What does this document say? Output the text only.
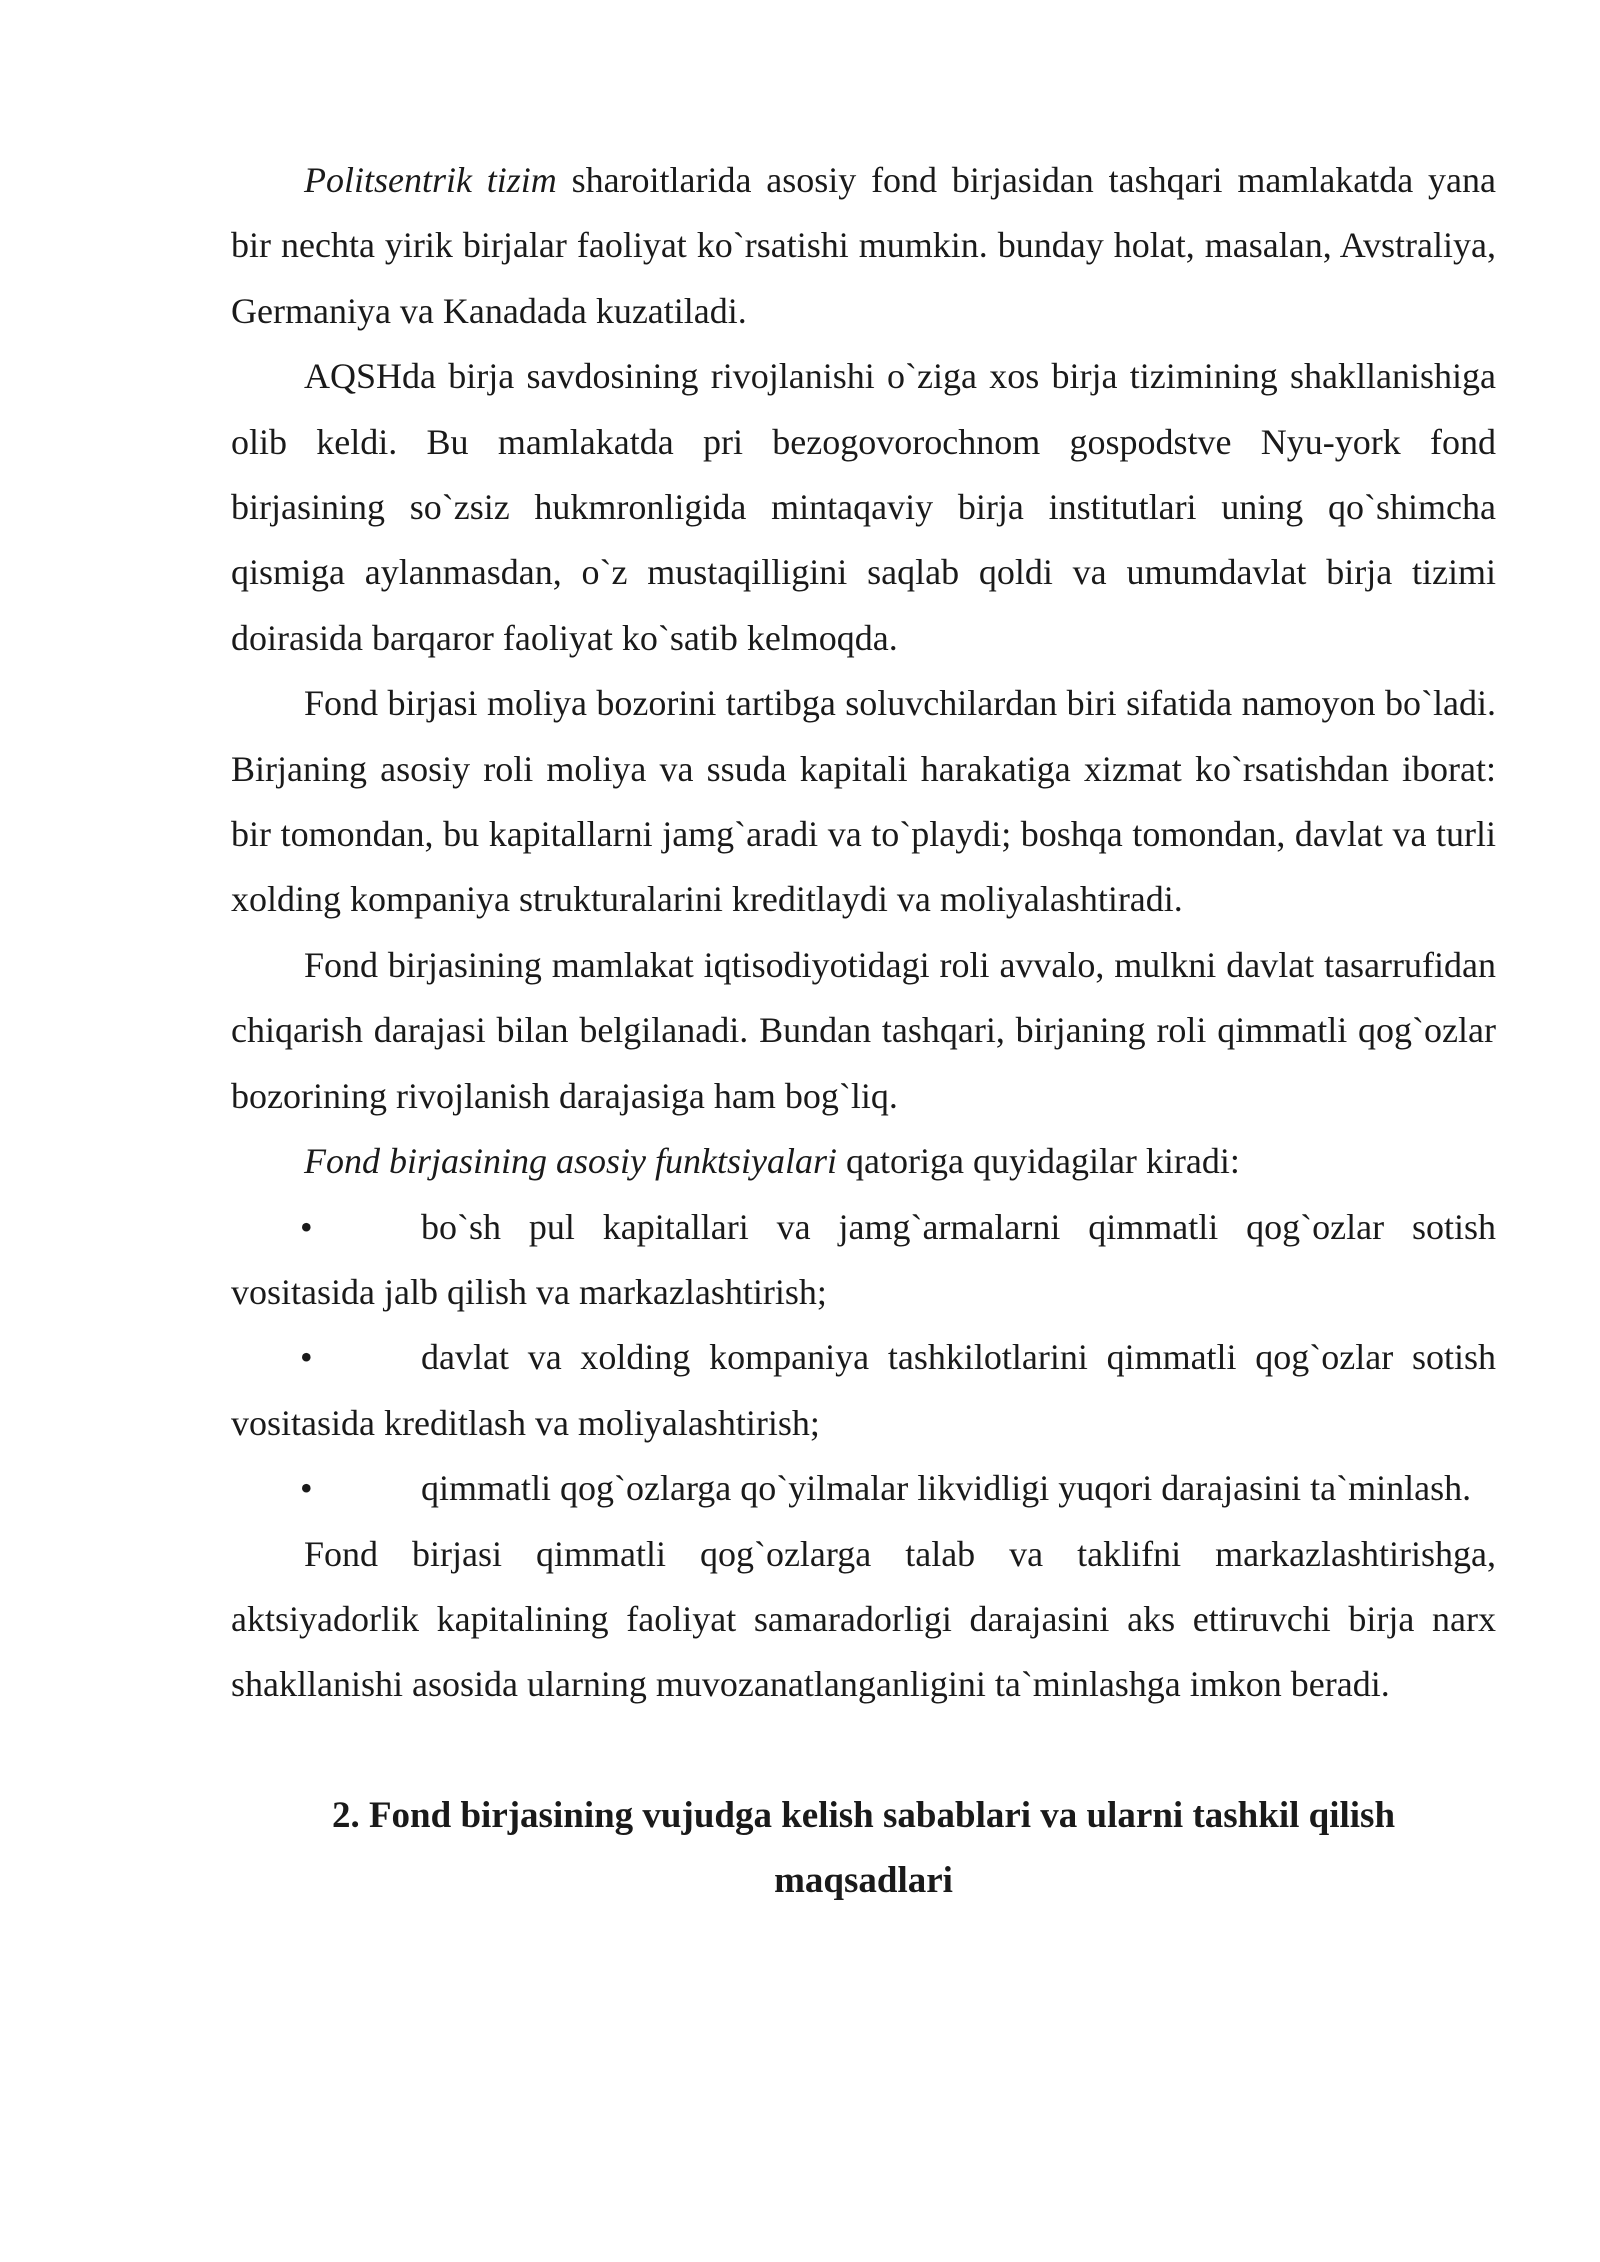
Politsentrik tizim sharoitlarida asosiy fond birjasidan tashqari mamlakatda yana bir nechta yirik birjalar faoliyat ko`rsatishi mumkin. bunday holat, masalan, Avstraliya, Germaniya va Kanadada kuzatiladi.

AQSHda birja savdosining rivojlanishi o`ziga xos birja tizimining shakllanishiga olib keldi. Bu mamlakatda pri bezogovorochnom gospodstve Nyu-york fond birjasining so`zsiz hukmronligida mintaqaviy birja institutlari uning qo`shimcha qismiga aylanmasdan, o`z mustaqilligini saqlab qoldi va umumdavlat birja tizimi doirasida barqaror faoliyat ko`satib kelmoqda.

Fond birjasi moliya bozorini tartibga soluvchilardan biri sifatida namoyon bo`ladi. Birjaning asosiy roli moliya va ssuda kapitali harakatiga xizmat ko`rsatishdan iborat: bir tomondan, bu kapitallarni jamg`aradi va to`playdi; boshqa tomondan, davlat va turli xolding kompaniya strukturalarini kreditlaydi va moliyalashtiradi.

Fond birjasining mamlakat iqtisodiyotidagi roli avvalo, mulkni davlat tasarrufidan chiqarish darajasi bilan belgilanadi. Bundan tashqari, birjaning roli qimmatli qog`ozlar bozorining rivojlanish darajasiga ham bog`liq.

Fond birjasining asosiy funktsiyalari qatoriga quyidagilar kiradi:

•	bo`sh pul kapitallari va jamg`armalarni qimmatli qog`ozlar sotish vositasida jalb qilish va markazlashtirish;

•	davlat va xolding kompaniya tashkilotlarini qimmatli qog`ozlar sotish vositasida kreditlash va moliyalashtirish;

•	qimmatli qog`ozlarga qo`yilmalar likvidligi yuqori darajasini ta`minlash.

Fond birjasi qimmatli qog`ozlarga talab va taklifni markazlashtirishga, aktsiyadorlik kapitalining faoliyat samaradorligi darajasini aks ettiruvchi birja narx shakllanishi asosida ularning muvozanatlanganligini ta`minlashga imkon beradi.

2. Fond birjasining vujudga kelish sabablari va ularni tashkil qilish
maqsadlari
